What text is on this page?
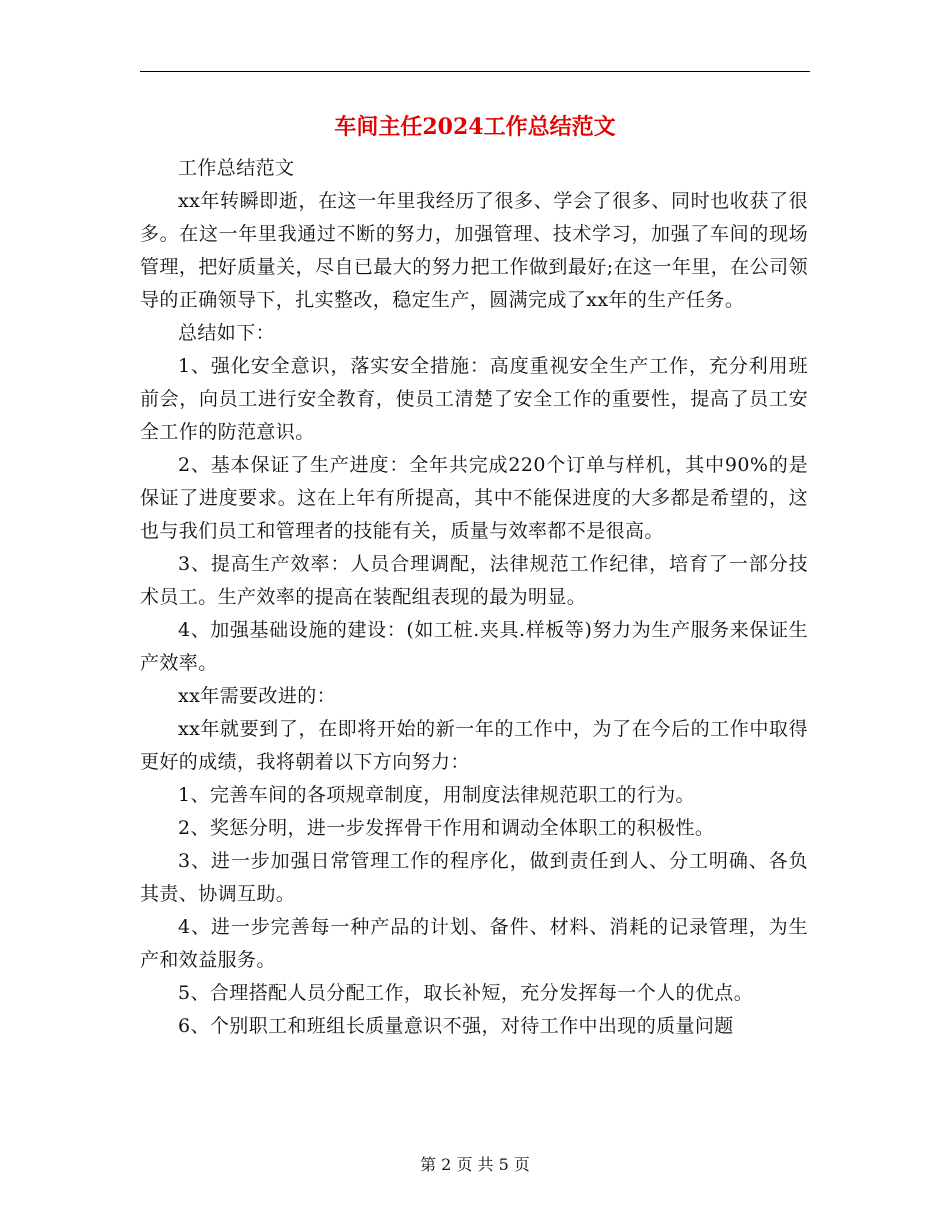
车间主任2024工作总结范文

工作总结范文

xx年转瞬即逝，在这一年里我经历了很多、学会了很多、同时也收获了很多。在这一年里我通过不断的努力，加强管理、技术学习，加强了车间的现场管理，把好质量关，尽自已最大的努力把工作做到最好;在这一年里，在公司领导的正确领导下，扎实整改，稳定生产，圆满完成了xx年的生产任务。

总结如下：

1、强化安全意识，落实安全措施：高度重视安全生产工作，充分利用班前会，向员工进行安全教育，使员工清楚了安全工作的重要性，提高了员工安全工作的防范意识。

2、基本保证了生产进度：全年共完成220个订单与样机，其中90%的是保证了进度要求。这在上年有所提高，其中不能保进度的大多都是希望的，这也与我们员工和管理者的技能有关，质量与效率都不是很高。

3、提高生产效率：人员合理调配，法律规范工作纪律，培育了一部分技术员工。生产效率的提高在装配组表现的最为明显。

4、加强基础设施的建设：(如工桩.夹具.样板等)努力为生产服务来保证生产效率。

xx年需要改进的：

xx年就要到了，在即将开始的新一年的工作中，为了在今后的工作中取得更好的成绩，我将朝着以下方向努力：

1、完善车间的各项规章制度，用制度法律规范职工的行为。

2、奖惩分明，进一步发挥骨干作用和调动全体职工的积极性。

3、进一步加强日常管理工作的程序化，做到责任到人、分工明确、各负其责、协调互助。

4、进一步完善每一种产品的计划、备件、材料、消耗的记录管理，为生产和效益服务。

5、合理搭配人员分配工作，取长补短，充分发挥每一个人的优点。

6、个别职工和班组长质量意识不强，对待工作中出现的质量问题

第 2 页 共 5 页
